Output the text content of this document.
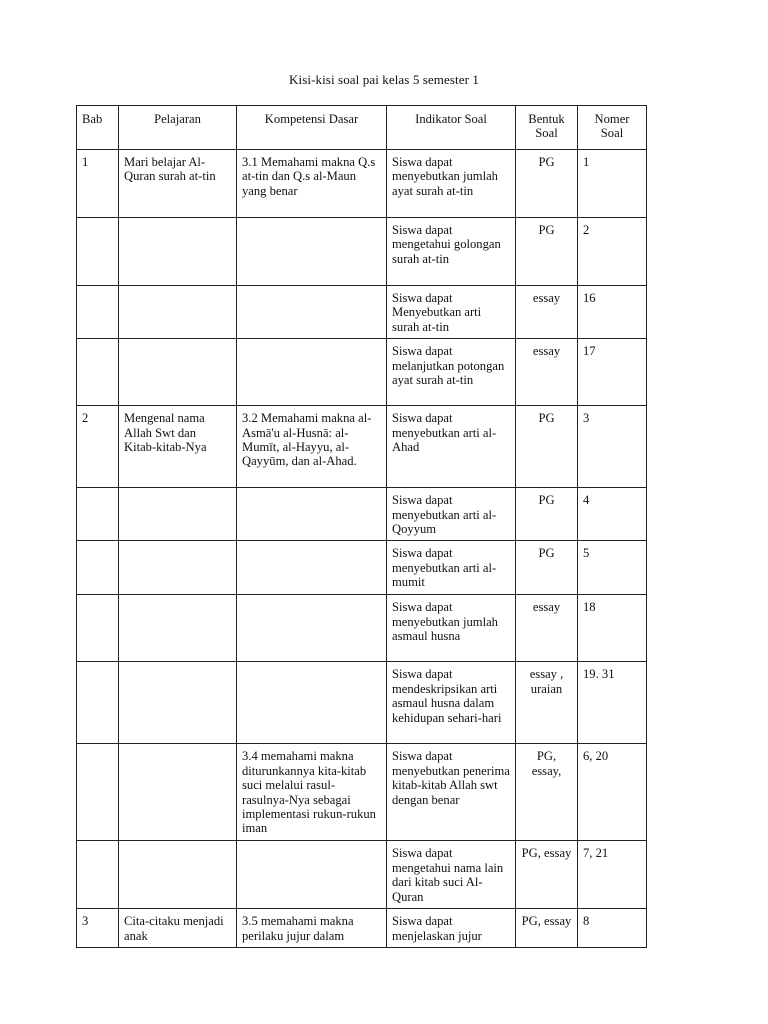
Kisi-kisi soal pai kelas 5 semester 1
Bab	Pelajaran	Kompetensi Dasar	Indikator Soal	Bentuk Soal	Nomer Soal
1	Mari belajar Al-Quran surah at-tin	3.1 Memahami makna Q.s at-tin dan Q.s al-Maun yang benar	Siswa dapat menyebutkan jumlah ayat surah at-tin	PG	1
			Siswa dapat mengetahui golongan surah at-tin	PG	2
			Siswa dapat Menyebutkan arti surah at-tin	essay	16
			Siswa dapat melanjutkan potongan ayat surah at-tin	essay	17
2	Mengenal nama Allah Swt dan Kitab-kitab-Nya	3.2 Memahami makna al-Asmā'u al-Husnā: al-Mumīt, al-Hayyu, al-Qayyūm, dan al-Ahad.	Siswa dapat menyebutkan arti al- Ahad	PG	3
			Siswa dapat menyebutkan arti al-Qoyyum	PG	4
			Siswa dapat menyebutkan arti al-mumit	PG	5
			Siswa dapat menyebutkan jumlah asmaul husna	essay	18
			Siswa dapat mendeskripsikan arti asmaul husna dalam kehidupan sehari-hari	essay , uraian	19. 31
		3.4 memahami makna diturunkannya kita-kitab suci melalui rasul-rasulnya-Nya sebagai implementasi rukun-rukun iman	Siswa dapat menyebutkan penerima kitab-kitab Allah swt dengan benar	PG, essay,	6, 20
			Siswa dapat mengetahui nama lain dari kitab suci Al-Quran	PG, essay	7, 21
3	Cita-citaku menjadi anak	3.5 memahami makna perilaku jujur dalam	Siswa dapat menjelaskan jujur	PG, essay	8
